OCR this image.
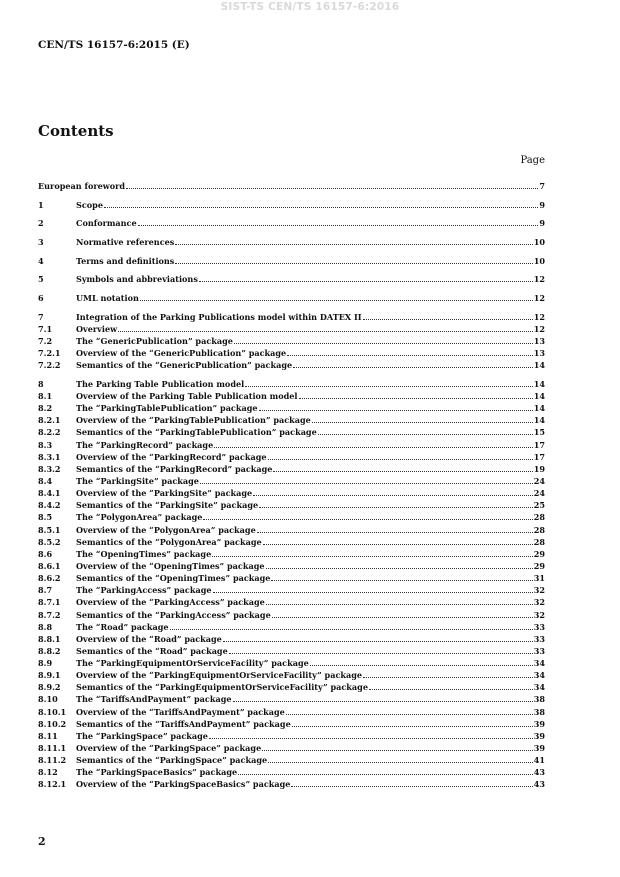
SIST-TS CEN/TS 16157-6:2016
CEN/TS 16157-6:2015 (E)
Contents
Page
European foreword	7
1	Scope	9
2	Conformance	9
3	Normative references	10
4	Terms and definitions	10
5	Symbols and abbreviations	12
6	UML notation	12
7	Integration of the Parking Publications model within DATEX II	12
7.1	Overview	12
7.2	The “GenericPublication” package	13
7.2.1	Overview of the “GenericPublication” package	13
7.2.2	Semantics of the “GenericPublication” package	14
8	The Parking Table Publication model	14
8.1	Overview of the Parking Table Publication model	14
8.2	The “ParkingTablePublication” package	14
8.2.1	Overview of the “ParkingTablePublication” package	14
8.2.2	Semantics of the “ParkingTablePublication” package	15
8.3	The “ParkingRecord” package	17
8.3.1	Overview of the “ParkingRecord” package	17
8.3.2	Semantics of the “ParkingRecord” package	19
8.4	The “ParkingSite” package	24
8.4.1	Overview of the “ParkingSite” package	24
8.4.2	Semantics of the “ParkingSite” package	25
8.5	The “PolygonArea” package	28
8.5.1	Overview of the “PolygonArea” package	28
8.5.2	Semantics of the “PolygonArea” package	28
8.6	The “OpeningTimes” package	29
8.6.1	Overview of the “OpeningTimes” package	29
8.6.2	Semantics of the “OpeningTimes” package	31
8.7	The “ParkingAccess” package	32
8.7.1	Overview of the “ParkingAccess” package	32
8.7.2	Semantics of the “ParkingAccess” package	32
8.8	The “Road” package	33
8.8.1	Overview of the “Road” package	33
8.8.2	Semantics of the “Road” package	33
8.9	The “ParkingEquipmentOrServiceFacility” package	34
8.9.1	Overview of the “ParkingEquipmentOrServiceFacility” package	34
8.9.2	Semantics of the “ParkingEquipmentOrServiceFacility” package	34
8.10	The “TariffsAndPayment” package	38
8.10.1	Overview of the “TariffsAndPayment” package	38
8.10.2	Semantics of the “TariffsAndPayment” package	39
8.11	The “ParkingSpace” package	39
8.11.1	Overview of the “ParkingSpace” package	39
8.11.2	Semantics of the “ParkingSpace” package	41
8.12	The “ParkingSpaceBasics” package	43
8.12.1	Overview of the “ParkingSpaceBasics” package	43
2
